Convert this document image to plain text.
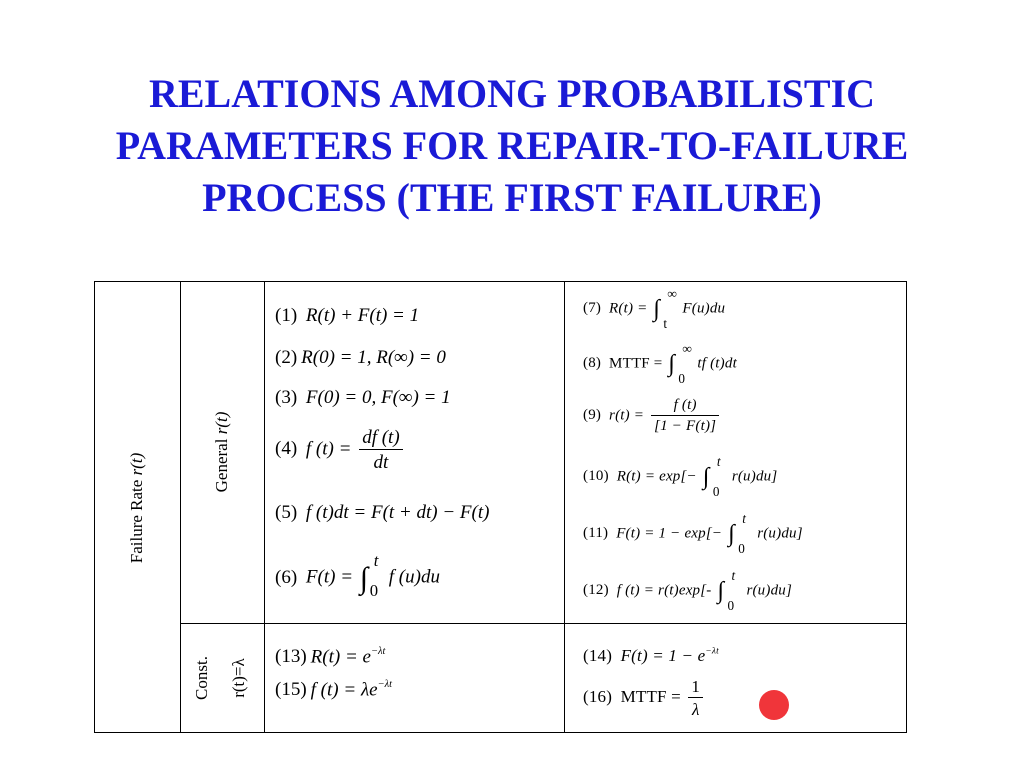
RELATIONS AMONG PROBABILISTIC
PARAMETERS FOR REPAIR-TO-FAILURE
PROCESS (THE FIRST FAILURE)
Failure Rate r(t)	General r(t)
Const. r(t)=λ
(1) R(t) + F(t) = 1
(2) R(0) = 1, R(∞) = 0
(3) F(0) = 0, F(∞) = 1
(4) f $(t) = \frac{df (t)}{dt}$
(5) f (t)dt = F(t + dt) − F(t)
(6) F(t) = ∫
t
0
f (u)du
(7) R(t) = ∫
∞
t
F(u)du
(8) MTTF = ∫
∞
0
tf (t)dt
(9) $r(t) = \frac{f (t)}{[1 - F(t)]}$
(10) R(t) = exp[− ∫
t
0
r(u)du]
(11) F(t) = 1 − exp[− ∫
t
0
r(u)du]
(12) f (t) = r(t)exp[- ∫
t
0
r(u)du]
(13) $R(t) = e^{-\lambda t}$
(15) f $(t) = \lambda e^{-\lambda t}$
(14) $F(t) = 1 - e^{-\lambda t}$
(16) MTTF = $\frac{1}{\lambda}$
